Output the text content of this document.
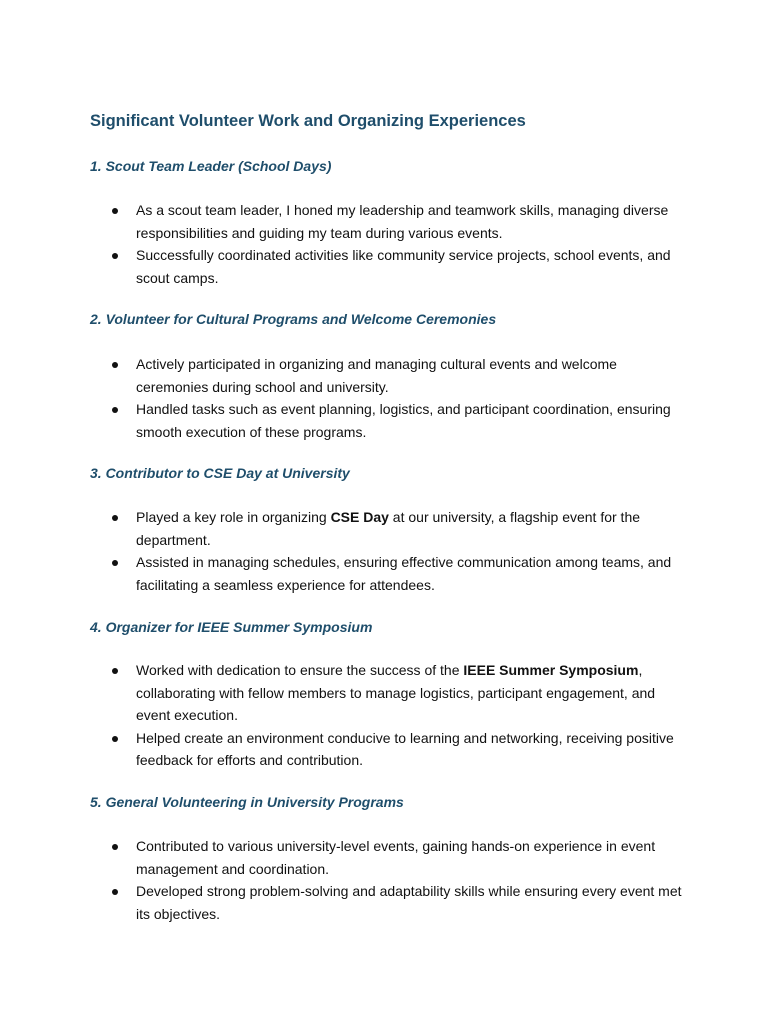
Significant Volunteer Work and Organizing Experiences
1. Scout Team Leader (School Days)
As a scout team leader, I honed my leadership and teamwork skills, managing diverse responsibilities and guiding my team during various events.
Successfully coordinated activities like community service projects, school events, and scout camps.
2. Volunteer for Cultural Programs and Welcome Ceremonies
Actively participated in organizing and managing cultural events and welcome ceremonies during school and university.
Handled tasks such as event planning, logistics, and participant coordination, ensuring smooth execution of these programs.
3. Contributor to CSE Day at University
Played a key role in organizing CSE Day at our university, a flagship event for the department.
Assisted in managing schedules, ensuring effective communication among teams, and facilitating a seamless experience for attendees.
4. Organizer for IEEE Summer Symposium
Worked with dedication to ensure the success of the IEEE Summer Symposium, collaborating with fellow members to manage logistics, participant engagement, and event execution.
Helped create an environment conducive to learning and networking, receiving positive feedback for efforts and contribution.
5. General Volunteering in University Programs
Contributed to various university-level events, gaining hands-on experience in event management and coordination.
Developed strong problem-solving and adaptability skills while ensuring every event met its objectives.
